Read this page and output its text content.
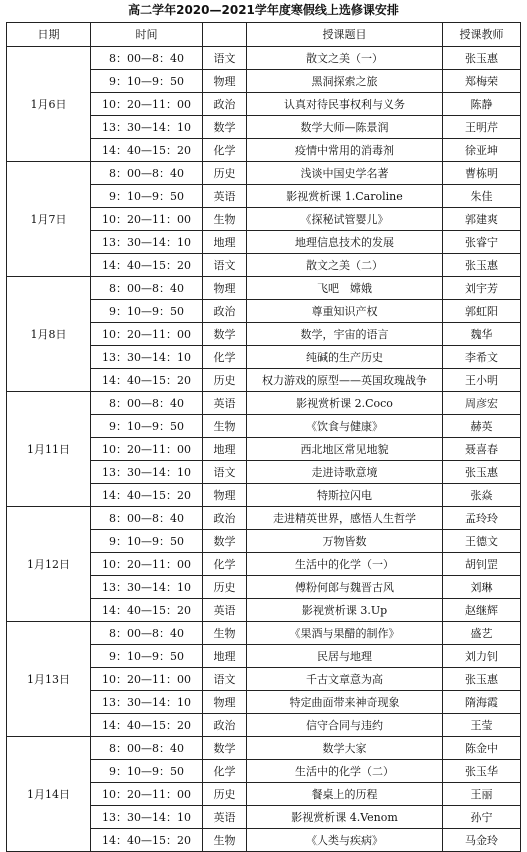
高二学年2020—2021学年度寒假线上选修课安排
日期	时间		授课题目	授课教师
1月6日	8：00—8：40	语文	散文之美（一）	张玉惠
	9：10—9：50	物理	黑洞探索之旅	郑梅荣
	10：20—11：00	政治	认真对待民事权利与义务	陈静
	13：30—14：10	数学	数学大师—陈景润	王明芹
	14：40—15：20	化学	疫情中常用的消毒剂	徐亚坤
1月7日	8：00—8：40	历史	浅谈中国史学名著	曹栋明
	9：10—9：50	英语	影视赏析课 1.Caroline	朱佳
	10：20—11：00	生物	《探秘试管婴儿》	郭建爽
	13：30—14：10	地理	地理信息技术的发展	张睿宁
	14：40—15：20	语文	散文之美（二）	张玉惠
1月8日	8：00—8：40	物理	飞吧　嫦娥	刘宇芳
	9：10—9：50	政治	尊重知识产权	郭虹阳
	10：20—11：00	数学	数学，宇宙的语言	魏华
	13：30—14：10	化学	纯碱的生产历史	李希文
	14：40—15：20	历史	权力游戏的原型——英国玫瑰战争	王小明
1月11日	8：00—8：40	英语	影视赏析课 2.Coco	周彦宏
	9：10—9：50	生物	《饮食与健康》	赫英
	10：20—11：00	地理	西北地区常见地貌	聂喜春
	13：30—14：10	语文	走进诗歌意境	张玉惠
	14：40—15：20	物理	特斯拉闪电	张焱
1月12日	8：00—8：40	政治	走进精英世界，感悟人生哲学	孟玲玲
	9：10—9：50	数学	万物皆数	王德文
	10：20—11：00	化学	生活中的化学（一）	胡钊罡
	13：30—14：10	历史	傅粉何郎与魏晋古风	刘琳
	14：40—15：20	英语	影视赏析课 3.Up	赵继辉
1月13日	8：00—8：40	生物	《果酒与果醋的制作》	盛艺
	9：10—9：50	地理	民居与地理	刘力钊
	10：20—11：00	语文	千古文章意为高	张玉惠
	13：30—14：10	物理	特定曲面带来神奇现象	隋海霞
	14：40—15：20	政治	信守合同与违约	王莹
1月14日	8：00—8：40	数学	数学大家	陈金中
	9：10—9：50	化学	生活中的化学（二）	张玉华
	10：20—11：00	历史	餐桌上的历程	王丽
	13：30—14：10	英语	影视赏析课 4.Venom	孙宁
	14：40—15：20	生物	《人类与疾病》	马金玲
